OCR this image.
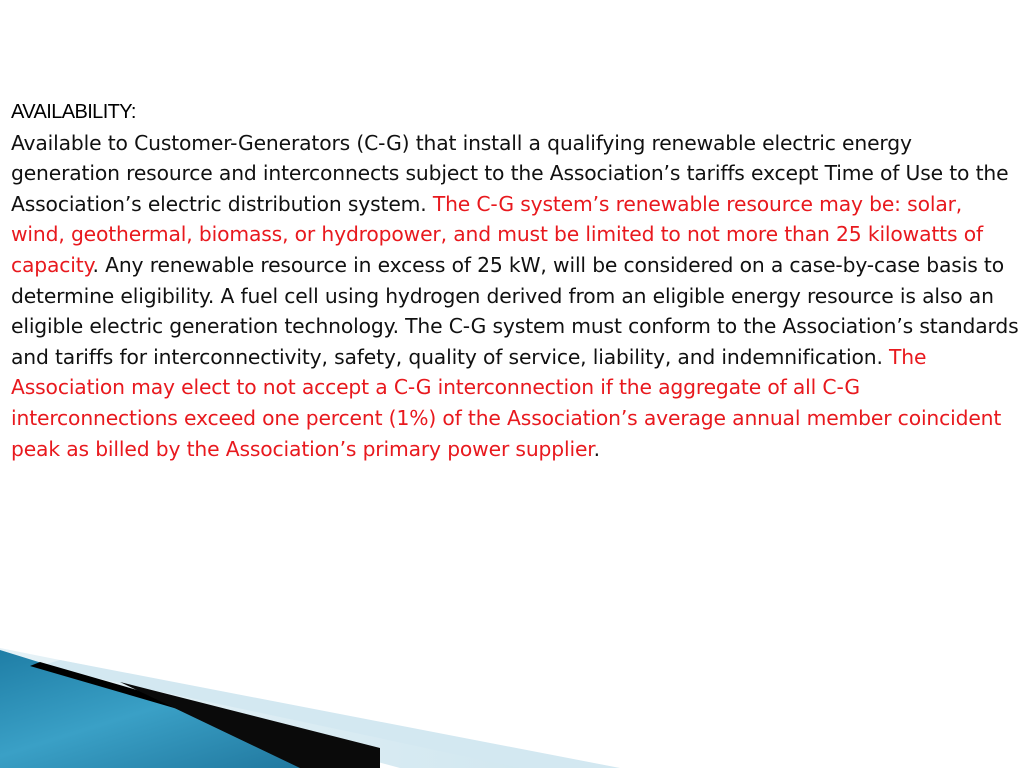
AVAILABILITY:

Available to Customer-Generators (C-G) that install a qualifying renewable electric energy generation resource and interconnects subject to the Association’s tariffs except Time of Use to the Association’s electric distribution system. The C-G system’s renewable resource may be: solar, wind, geothermal, biomass, or hydropower, and must be limited to not more than 25 kilowatts of capacity. Any renewable resource in excess of 25 kW, will be considered on a case-by-case basis to determine eligibility. A fuel cell using hydrogen derived from an eligible energy resource is also an eligible electric generation technology. The C-G system must conform to the Association’s standards and tariffs for interconnectivity, safety, quality of service, liability, and indemnification. The Association may elect to not accept a C-G interconnection if the aggregate of all C-G interconnections exceed one percent (1%) of the Association’s average annual member coincident peak as billed by the Association’s primary power supplier.
